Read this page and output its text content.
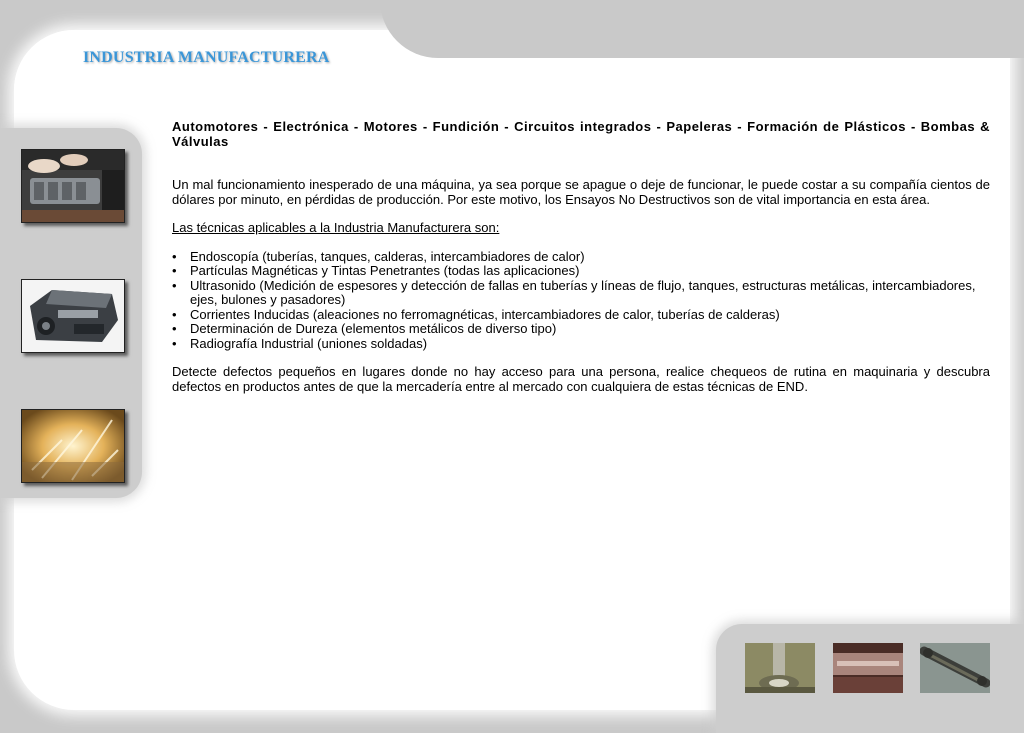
INDUSTRIA MANUFACTURERA

Automotores - Electrónica - Motores - Fundición - Circuitos integrados - Papeleras - Formación de Plásticos - Bombas & Válvulas

Un mal funcionamiento inesperado de una máquina, ya sea porque se apague o deje de funcionar, le puede costar a su compañía cientos de dólares por minuto, en pérdidas de producción. Por este motivo, los Ensayos No Destructivos son de vital importancia en esta área.

Las técnicas aplicables a la Industria Manufacturera son:

• Endoscopía (tuberías, tanques, calderas, intercambiadores de calor)
• Partículas Magnéticas y Tintas Penetrantes (todas las aplicaciones)
• Ultrasonido (Medición de espesores y detección de fallas en tuberías y líneas de flujo, tanques, estructuras metálicas, intercambiadores, ejes, bulones y pasadores)
• Corrientes Inducidas (aleaciones no ferromagnéticas, intercambiadores de calor, tuberías de calderas)
• Determinación de Dureza (elementos metálicos de diverso tipo)
• Radiografía Industrial (uniones soldadas)

Detecte defectos pequeños en lugares donde no hay acceso para una persona, realice chequeos de rutina en maquinaria y descubra defectos en productos antes de que la mercadería entre al mercado con cualquiera de estas técnicas de END.
